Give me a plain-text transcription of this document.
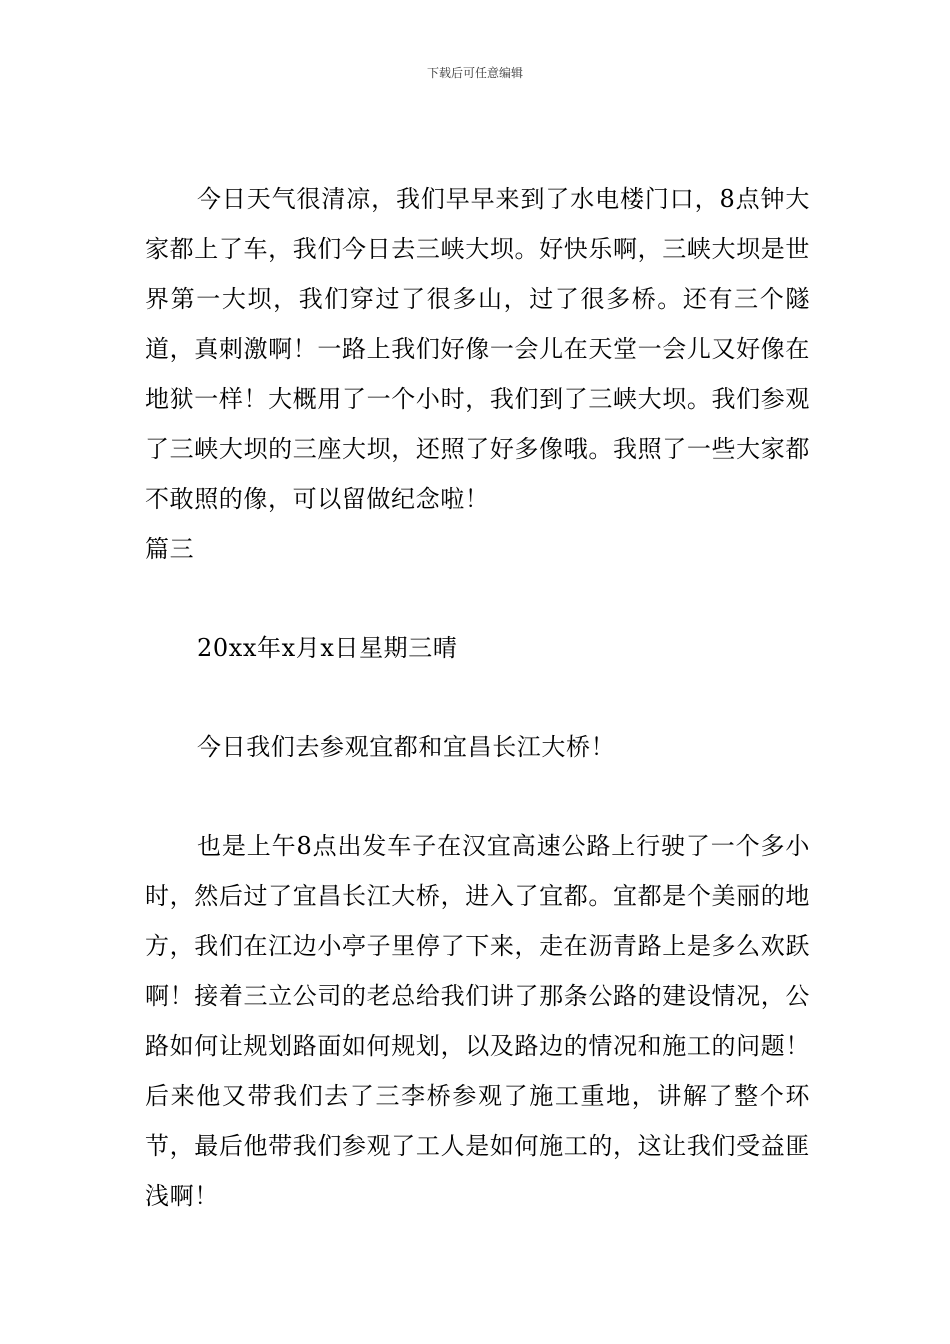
下载后可任意编辑

今日天气很清凉，我们早早来到了水电楼门口，8点钟大家都上了车，我们今日去三峡大坝。好快乐啊，三峡大坝是世界第一大坝，我们穿过了很多山，过了很多桥。还有三个隧道，真刺激啊！一路上我们好像一会儿在天堂一会儿又好像在地狱一样！大概用了一个小时，我们到了三峡大坝。我们参观了三峡大坝的三座大坝，还照了好多像哦。我照了一些大家都不敢照的像，可以留做纪念啦！

篇三

20xx年x月x日星期三晴

今日我们去参观宜都和宜昌长江大桥！

也是上午8点出发车子在汉宜高速公路上行驶了一个多小时，然后过了宜昌长江大桥，进入了宜都。宜都是个美丽的地方，我们在江边小亭子里停了下来，走在沥青路上是多么欢跃啊！接着三立公司的老总给我们讲了那条公路的建设情况，公路如何让规划路面如何规划，以及路边的情况和施工的问题！后来他又带我们去了三李桥参观了施工重地，讲解了整个环节，最后他带我们参观了工人是如何施工的，这让我们受益匪浅啊！
